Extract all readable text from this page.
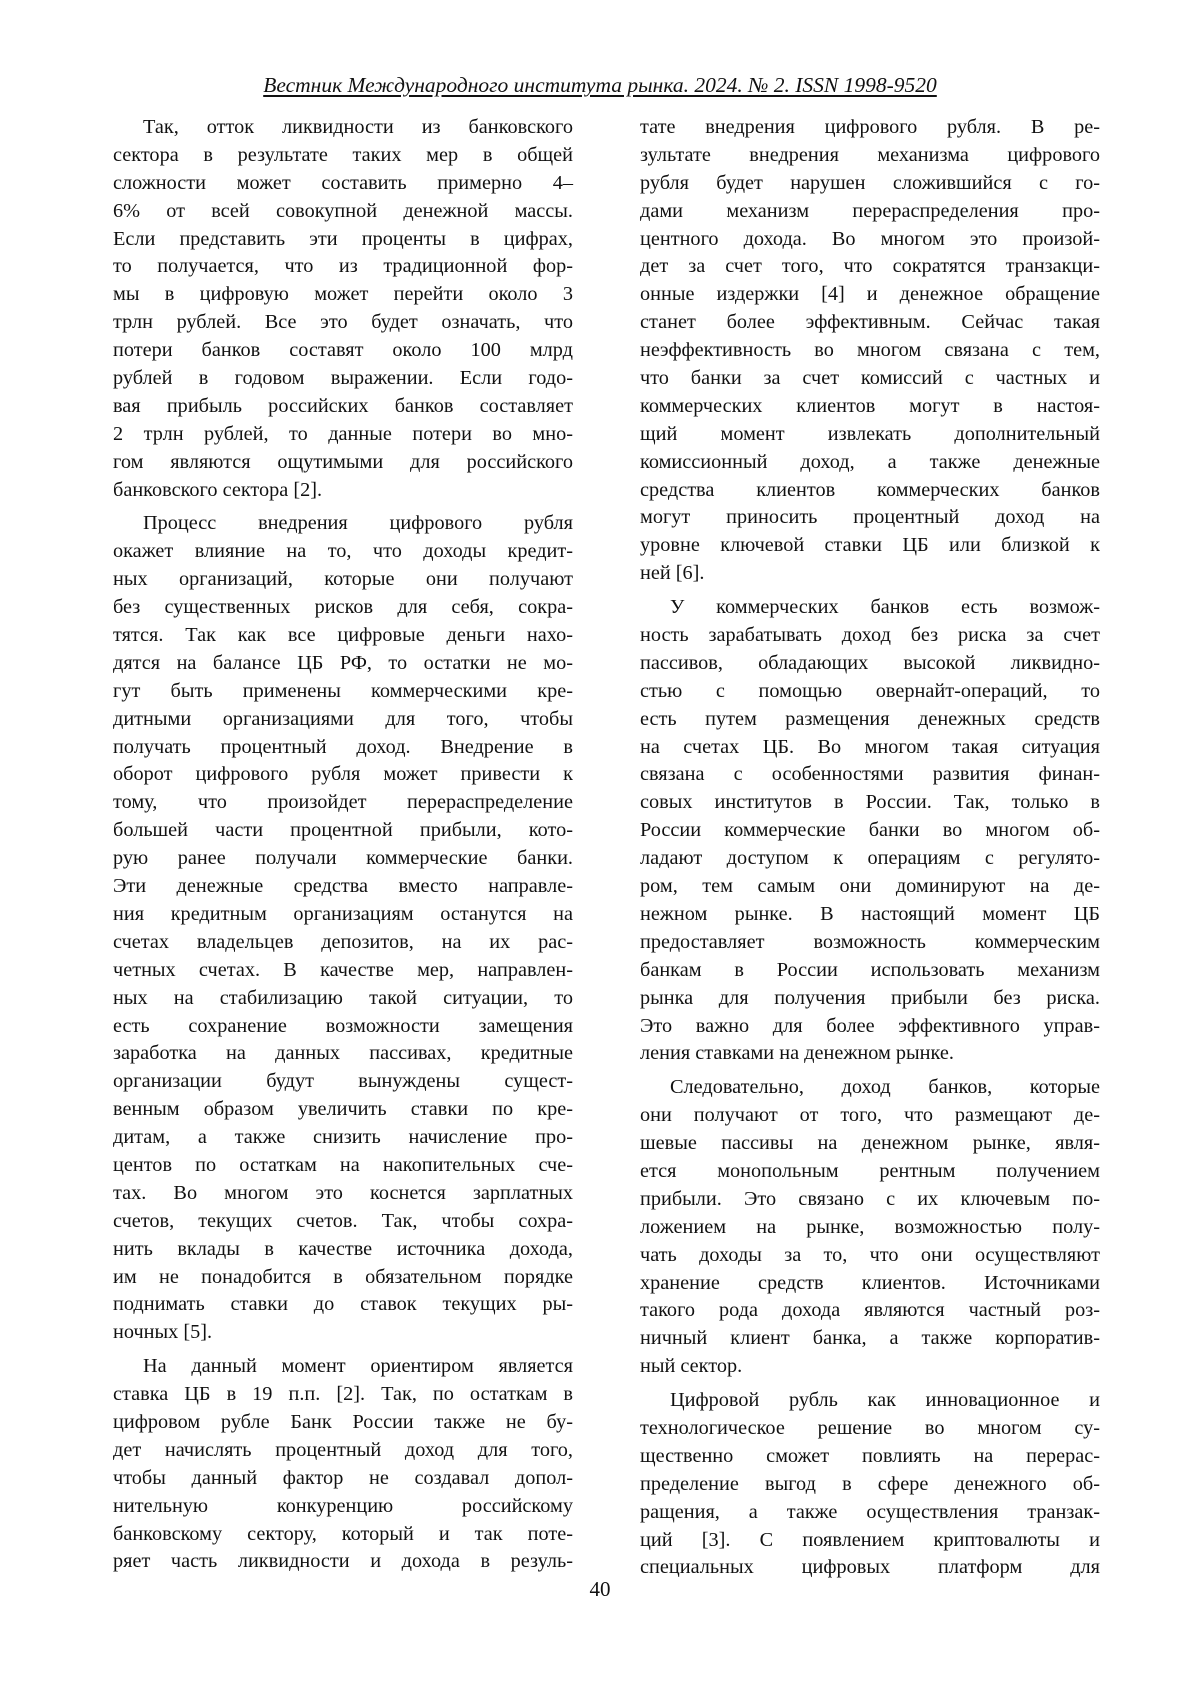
Вестник Международного института рынка. 2024. № 2. ISSN 1998-9520
Так, отток ликвидности из банковского
сектора в результате таких мер в общей
сложности может составить примерно 4–
6% от всей совокупной денежной массы.
Если представить эти проценты в цифрах,
то получается, что из традиционной фор-
мы в цифровую может перейти около 3
трлн рублей. Все это будет означать, что
потери банков составят около 100 млрд
рублей в годовом выражении. Если годо-
вая прибыль российских банков составляет
2 трлн рублей, то данные потери во мно-
гом являются ощутимыми для российского
банковского сектора [2].
Процесс внедрения цифрового рубля
окажет влияние на то, что доходы кредит-
ных организаций, которые они получают
без существенных рисков для себя, сокра-
тятся. Так как все цифровые деньги нахо-
дятся на балансе ЦБ РФ, то остатки не мо-
гут быть применены коммерческими кре-
дитными организациями для того, чтобы
получать процентный доход. Внедрение в
оборот цифрового рубля может привести к
тому, что произойдет перераспределение
большей части процентной прибыли, кото-
рую ранее получали коммерческие банки.
Эти денежные средства вместо направле-
ния кредитным организациям останутся на
счетах владельцев депозитов, на их рас-
четных счетах. В качестве мер, направлен-
ных на стабилизацию такой ситуации, то
есть сохранение возможности замещения
заработка на данных пассивах, кредитные
организации будут вынуждены сущест-
венным образом увеличить ставки по кре-
дитам, а также снизить начисление про-
центов по остаткам на накопительных сче-
тах. Во многом это коснется зарплатных
счетов, текущих счетов. Так, чтобы сохра-
нить вклады в качестве источника дохода,
им не понадобится в обязательном порядке
поднимать ставки до ставок текущих ры-
ночных [5].
На данный момент ориентиром является
ставка ЦБ в 19 п.п. [2]. Так, по остаткам в
цифровом рубле Банк России также не бу-
дет начислять процентный доход для того,
чтобы данный фактор не создавал допол-
нительную конкуренцию российскому
банковскому сектору, который и так поте-
ряет часть ликвидности и дохода в резуль-
тате внедрения цифрового рубля. В ре-
зультате внедрения механизма цифрового
рубля будет нарушен сложившийся с го-
дами механизм перераспределения про-
центного дохода. Во многом это произой-
дет за счет того, что сократятся транзакци-
онные издержки [4] и денежное обращение
станет более эффективным. Сейчас такая
неэффективность во многом связана с тем,
что банки за счет комиссий с частных и
коммерческих клиентов могут в настоя-
щий момент извлекать дополнительный
комиссионный доход, а также денежные
средства клиентов коммерческих банков
могут приносить процентный доход на
уровне ключевой ставки ЦБ или близкой к
ней [6].
У коммерческих банков есть возмож-
ность зарабатывать доход без риска за счет
пассивов, обладающих высокой ликвидно-
стью с помощью овернайт-операций, то
есть путем размещения денежных средств
на счетах ЦБ. Во многом такая ситуация
связана с особенностями развития финан-
совых институтов в России. Так, только в
России коммерческие банки во многом об-
ладают доступом к операциям с регулято-
ром, тем самым они доминируют на де-
нежном рынке. В настоящий момент ЦБ
предоставляет возможность коммерческим
банкам в России использовать механизм
рынка для получения прибыли без риска.
Это важно для более эффективного управ-
ления ставками на денежном рынке.
Следовательно, доход банков, которые
они получают от того, что размещают де-
шевые пассивы на денежном рынке, явля-
ется монопольным рентным получением
прибыли. Это связано с их ключевым по-
ложением на рынке, возможностью полу-
чать доходы за то, что они осуществляют
хранение средств клиентов. Источниками
такого рода дохода являются частный роз-
ничный клиент банка, а также корпоратив-
ный сектор.
Цифровой рубль как инновационное и
технологическое решение во многом су-
щественно сможет повлиять на перерас-
пределение выгод в сфере денежного об-
ращения, а также осуществления транзак-
ций [3]. С появлением криптовалюты и
специальных цифровых платформ для
40
